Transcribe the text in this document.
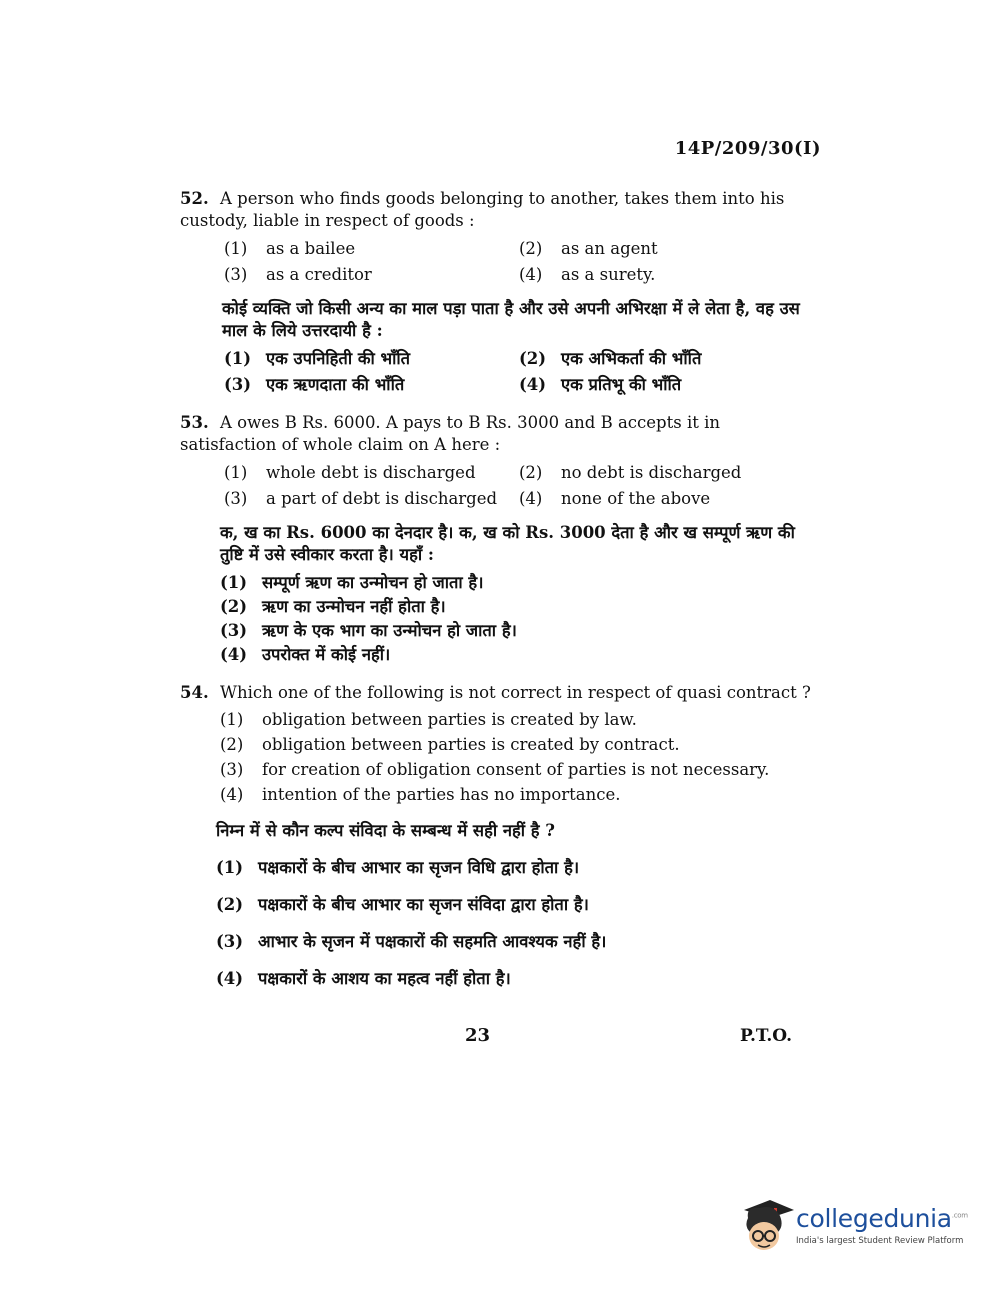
14P/209/30(I)
52. A person who finds goods belonging to another, takes them into his custody, liable in respect of goods :
(1) as a bailee	(2) as an agent
(3) as a creditor	(4) as a surety.
कोई व्यक्ति जो किसी अन्य का माल पड़ा पाता है और उसे अपनी अभिरक्षा में ले लेता है, वह उस माल के लिये उत्तरदायी है :
(1) एक उपनिहिती की भाँति	(2) एक अभिकर्ता की भाँति
(3) एक ऋणदाता की भाँति	(4) एक प्रतिभू की भाँति
53. A owes B Rs. 6000. A pays to B Rs. 3000 and B accepts it in satisfaction of whole claim on A here :
(1) whole debt is discharged	(2) no debt is discharged
(3) a part of debt is discharged	(4) none of the above
क, ख का Rs. 6000 का देनदार है। क, ख को Rs. 3000 देता है और ख सम्पूर्ण ऋण की तुष्टि में उसे स्वीकार करता है। यहाँ :
(1) सम्पूर्ण ऋण का उन्मोचन हो जाता है।
(2) ऋण का उन्मोचन नहीं होता है।
(3) ऋण के एक भाग का उन्मोचन हो जाता है।
(4) उपरोक्त में कोई नहीं।
54. Which one of the following is not correct in respect of quasi contract ?
(1) obligation between parties is created by law.
(2) obligation between parties is created by contract.
(3) for creation of obligation consent of parties is not necessary.
(4) intention of the parties has no importance.
निम्न में से कौन कल्प संविदा के सम्बन्ध में सही नहीं है ?
(1) पक्षकारों के बीच आभार का सृजन विधि द्वारा होता है।
(2) पक्षकारों के बीच आभार का सृजन संविदा द्वारा होता है।
(3) आभार के सृजन में पक्षकारों की सहमति आवश्यक नहीं है।
(4) पक्षकारों के आशय का महत्व नहीं होता है।
23	P.T.O.
collegedunia$^{.com}$
India's largest Student Review Platform
